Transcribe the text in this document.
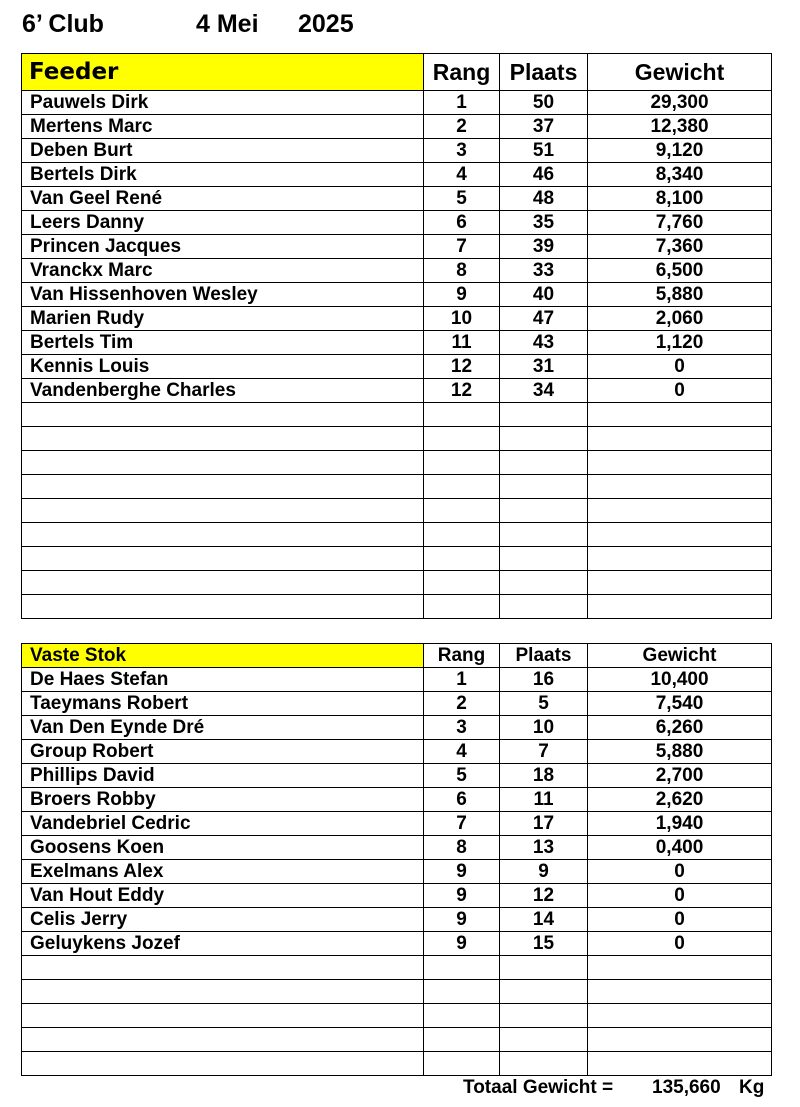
6’ Club	4 Mei 2025
Feeder	Rang	Plaats	Gewicht
Pauwels Dirk	1	50	29,300
Mertens Marc	2	37	12,380
Deben Burt	3	51	9,120
Bertels Dirk	4	46	8,340
Van Geel René	5	48	8,100
Leers Danny	6	35	7,760
Princen Jacques	7	39	7,360
Vranckx Marc	8	33	6,500
Van Hissenhoven Wesley	9	40	5,880
Marien Rudy	10	47	2,060
Bertels Tim	11	43	1,120
Kennis Louis	12	31	0
Vandenberghe Charles	12	34	0

Vaste Stok	Rang	Plaats	Gewicht
De Haes Stefan	1	16	10,400
Taeymans Robert	2	5	7,540
Van Den Eynde Dré	3	10	6,260
Group Robert	4	7	5,880
Phillips David	5	18	2,700
Broers Robby	6	11	2,620
Vandebriel Cedric	7	17	1,940
Goosens Koen	8	13	0,400
Exelmans Alex	9	9	0
Van Hout Eddy	9	12	0
Celis Jerry	9	14	0
Geluykens Jozef	9	15	0

Totaal Gewicht = 135,660 Kg
